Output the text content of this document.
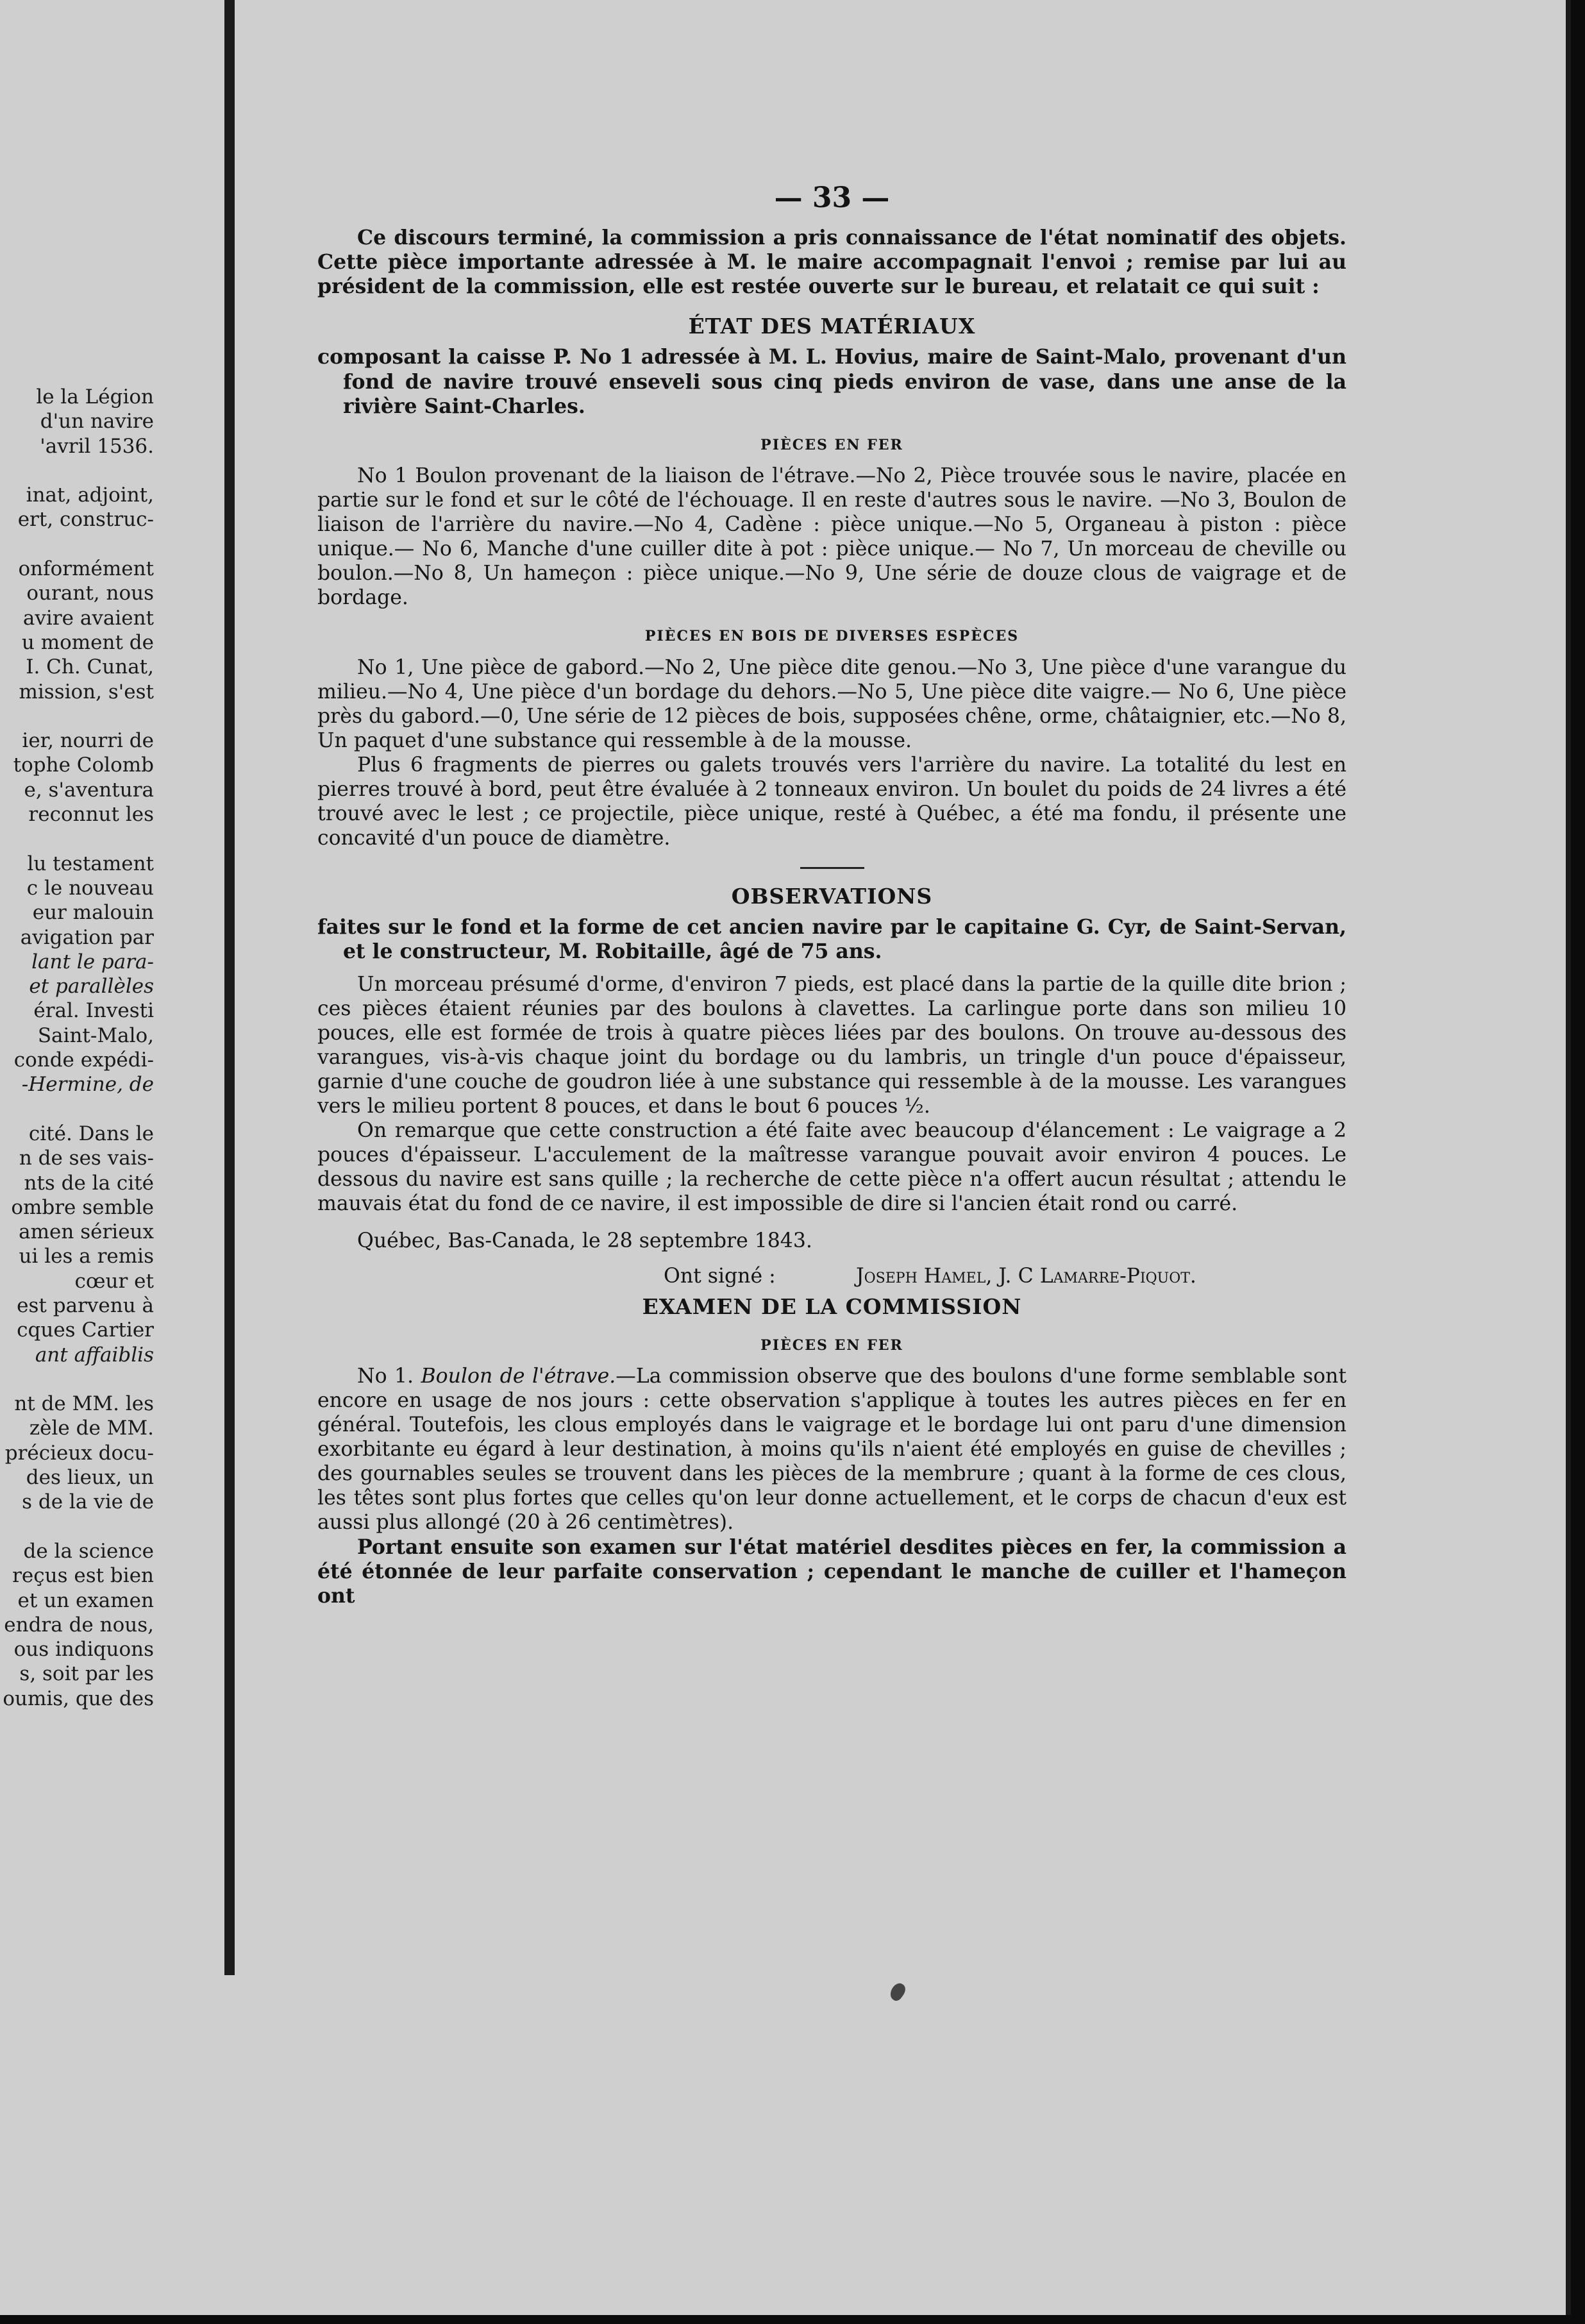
le la Légion
d'un navire
'avril 1536.
inat, adjoint,
ert, construc-
onformément
ourant, nous
avire avaient
u moment de
I. Ch. Cunat,
mission, s'est
ier, nourri de
tophe Colomb
e, s'aventura
reconnut les
lu testament
c le nouveau
eur malouin
avigation par
lant le para-
et parallèles
éral. Investi
Saint-Malo,
conde expédi-
-Hermine, de
cité. Dans le
n de ses vais-
nts de la cité
ombre semble
amen sérieux
ui les a remis
cœur et
est parvenu à
cques Cartier
ant affaiblis
nt de MM. les
zèle de MM.
précieux docu-
des lieux, un
s de la vie de
de la science
reçus est bien
et un examen
endra de nous,
ous indiquons
s, soit par les
oumis, que des
— 33 —

Ce discours terminé, la commission a pris connaissance de l'état nominatif des objets. Cette pièce importante adressée à M. le maire accompagnait l'envoi ; remise par lui au président de la commission, elle est restée ouverte sur le bureau, et relatait ce qui suit :

ÉTAT DES MATÉRIAUX

composant la caisse P. No 1 adressée à M. L. Hovius, maire de Saint-Malo, provenant d'un fond de navire trouvé enseveli sous cinq pieds environ de vase, dans une anse de la rivière Saint-Charles.

PIÈCES EN FER

No 1 Boulon provenant de la liaison de l'étrave.—No 2, Pièce trouvée sous le navire, placée en partie sur le fond et sur le côté de l'échouage. Il en reste d'autres sous le navire. —No 3, Boulon de liaison de l'arrière du navire.—No 4, Cadène : pièce unique.—No 5, Organeau à piston : pièce unique.— No 6, Manche d'une cuiller dite à pot : pièce unique.— No 7, Un morceau de cheville ou boulon.—No 8, Un hameçon : pièce unique.—No 9, Une série de douze clous de vaigrage et de bordage.

PIÈCES EN BOIS DE DIVERSES ESPÈCES

No 1, Une pièce de gabord.—No 2, Une pièce dite genou.—No 3, Une pièce d'une varangue du milieu.—No 4, Une pièce d'un bordage du dehors.—No 5, Une pièce dite vaigre.— No 6, Une pièce près du gabord.—0, Une série de 12 pièces de bois, supposées chêne, orme, châtaignier, etc.—No 8, Un paquet d'une substance qui ressemble à de la mousse.

Plus 6 fragments de pierres ou galets trouvés vers l'arrière du navire. La totalité du lest en pierres trouvé à bord, peut être évaluée à 2 tonneaux environ. Un boulet du poids de 24 livres a été trouvé avec le lest ; ce projectile, pièce unique, resté à Québec, a été ma fondu, il présente une concavité d'un pouce de diamètre.

OBSERVATIONS

faites sur le fond et la forme de cet ancien navire par le capitaine G. Cyr, de Saint-Servan, et le constructeur, M. Robitaille, âgé de 75 ans.

Un morceau présumé d'orme, d'environ 7 pieds, est placé dans la partie de la quille dite brion ; ces pièces étaient réunies par des boulons à clavettes. La carlingue porte dans son milieu 10 pouces, elle est formée de trois à quatre pièces liées par des boulons. On trouve au-dessous des varangues, vis-à-vis chaque joint du bordage ou du lambris, un tringle d'un pouce d'épaisseur, garnie d'une couche de goudron liée à une substance qui ressemble à de la mousse. Les varangues vers le milieu portent 8 pouces, et dans le bout 6 pouces ½.

On remarque que cette construction a été faite avec beaucoup d'élancement : Le vaigrage a 2 pouces d'épaisseur. L'acculement de la maîtresse varangue pouvait avoir environ 4 pouces. Le dessous du navire est sans quille ; la recherche de cette pièce n'a offert aucun résultat ; attendu le mauvais état du fond de ce navire, il est impossible de dire si l'ancien était rond ou carré.

Québec, Bas-Canada, le 28 septembre 1843.

Ont signé :	Joseph Hamel, J. C Lamarre-Piquot.
EXAMEN DE LA COMMISSION
PIÈCES EN FER

No 1. Boulon de l'étrave.—La commission observe que des boulons d'une forme semblable sont encore en usage de nos jours : cette observation s'applique à toutes les autres pièces en fer en général. Toutefois, les clous employés dans le vaigrage et le bordage lui ont paru d'une dimension exorbitante eu égard à leur destination, à moins qu'ils n'aient été employés en guise de chevilles ; des gournables seules se trouvent dans les pièces de la membrure ; quant à la forme de ces clous, les têtes sont plus fortes que celles qu'on leur donne actuellement, et le corps de chacun d'eux est aussi plus allongé (20 à 26 centimètres).

Portant ensuite son examen sur l'état matériel desdites pièces en fer, la commission a été étonnée de leur parfaite conservation ; cependant le manche de cuiller et l'hameçon ont
